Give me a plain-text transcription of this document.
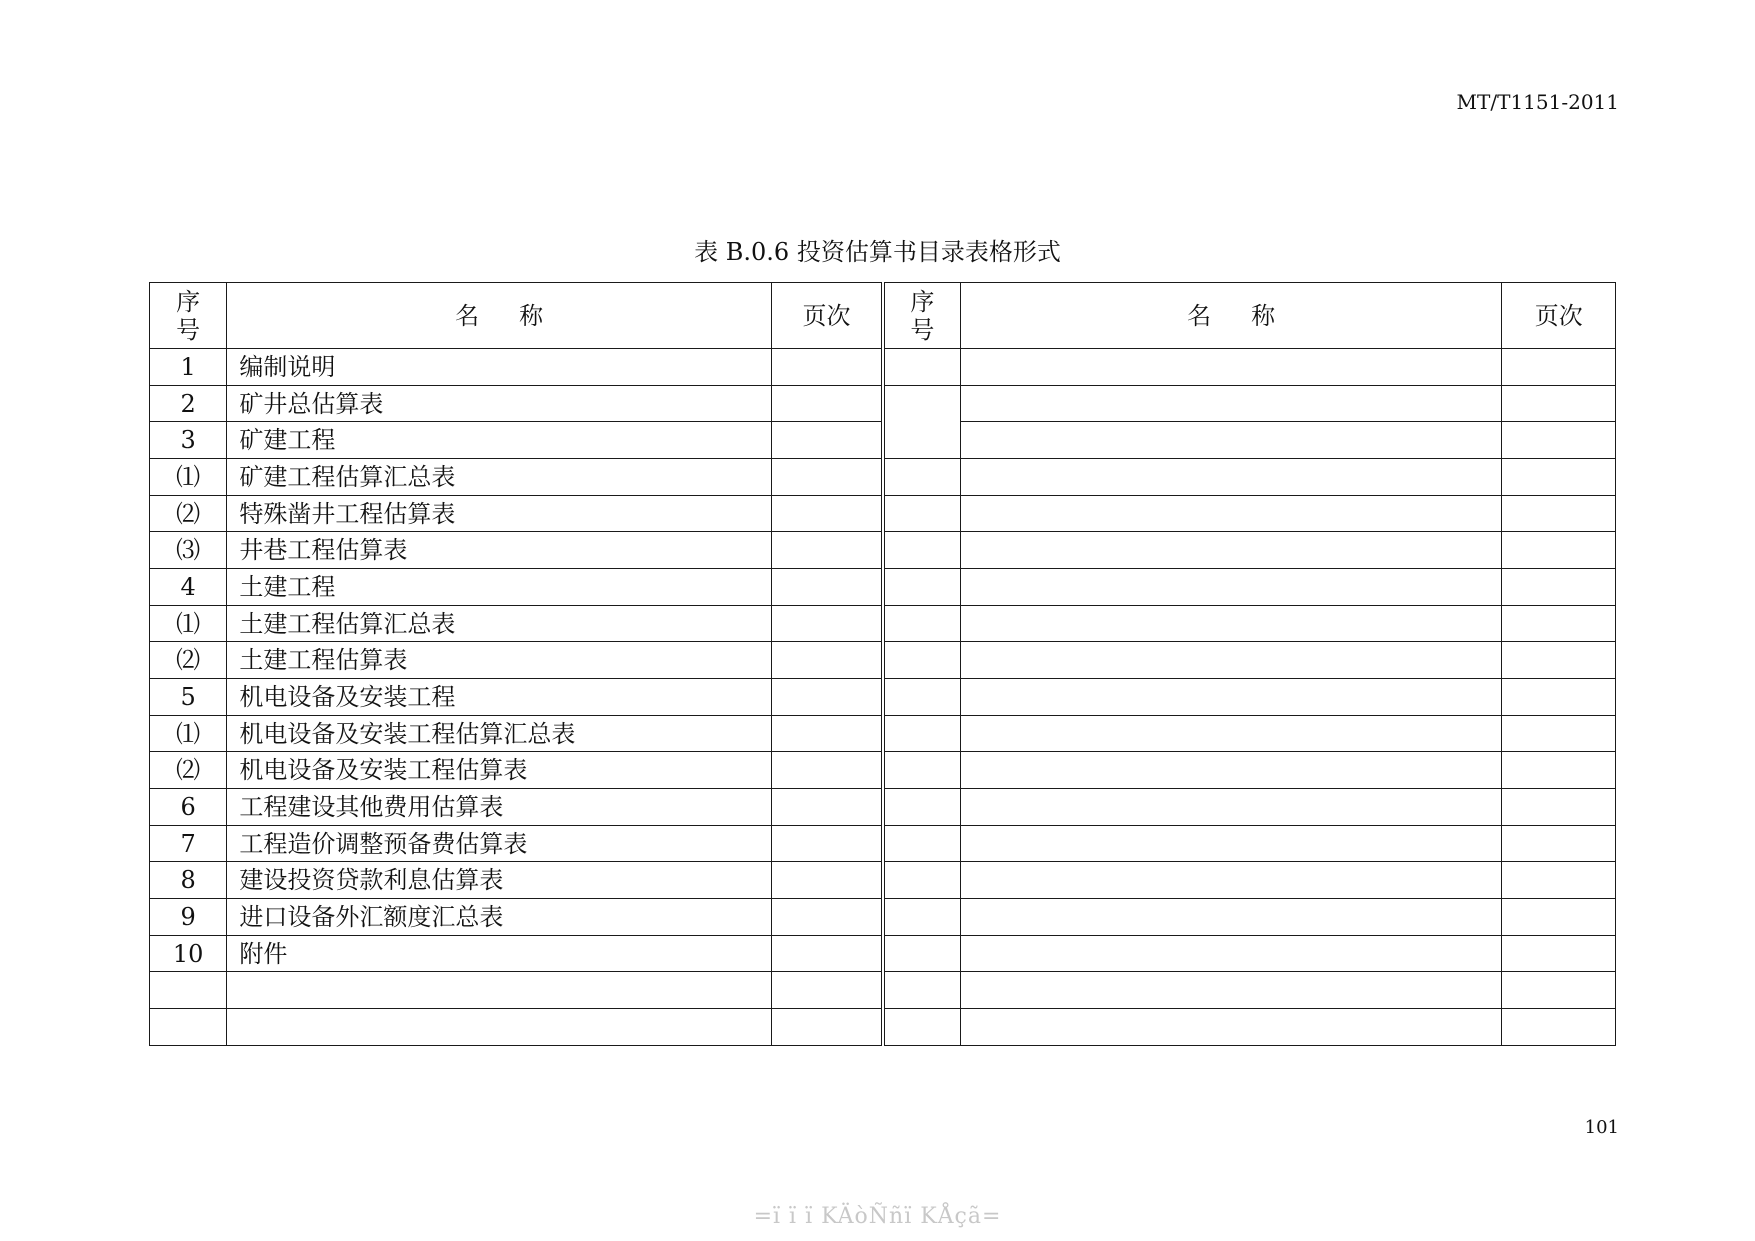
MT/T1151-2011
表 B.0.6 投资估算书目录表格形式
序
号	名 称	页次	序
号	名 称	页次
1	编制说明				
2	矿井总估算表				
3	矿建工程				
⑴	矿建工程估算汇总表				
⑵	特殊凿井工程估算表				
⑶	井巷工程估算表				
4	土建工程				
⑴	土建工程估算汇总表				
⑵	土建工程估算表				
5	机电设备及安装工程				
⑴	机电设备及安装工程估算汇总表				
⑵	机电设备及安装工程估算表				
6	工程建设其他费用估算表				
7	工程造价调整预备费估算表				
8	建设投资贷款利息估算表				
9	进口设备外汇额度汇总表				
10	附件				

101
=ï ï ï KÄòÑñï KÅçã=
